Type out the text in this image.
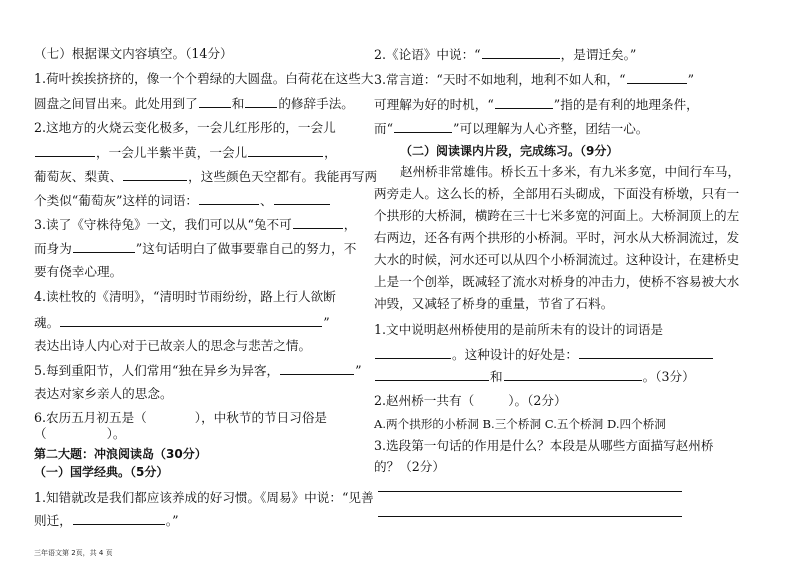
（七）根据课文内容填空。（14分）
1.荷叶挨挨挤挤的，像一个个碧绿的大圆盘。白荷花在这些大
圆盘之间冒出来。此处用到了	和	的修辞手法。
2.这地方的火烧云变化极多，一会儿红彤彤的，一会儿
，一会儿半紫半黄，一会儿	，
葡萄灰、梨黄、	，这些颜色天空都有。我能再写两
个类似“葡萄灰”这样的词语：	、
3.读了《守株待兔》一文，我们可以从“兔不可	，
而身为	”这句话明白了做事要靠自己的努力，不
要有侥幸心理。
4.读杜牧的《清明》，“清明时节雨纷纷，路上行人欲断
魂。	”
表达出诗人内心对于已故亲人的思念与悲苦之情。
5.每到重阳节，人们常用“独在异乡为异客，	”
表达对家乡亲人的思念。
6.农历五月初五是（	），中秋节的节日习俗是
（	）。
第二大题：冲浪阅读岛（30分）
（一）国学经典。（5分）
1.知错就改是我们都应该养成的好习惯。《周易》中说：“见善
则迁，	。”
2.《论语》中说：“	，是谓迁矣。”
3.常言道：“天时不如地利，地利不如人和，“	”
可理解为好的时机，“	”指的是有利的地理条件，
而“	”可以理解为人心齐整，团结一心。
（二）阅读课内片段，完成练习。（9分）
赵州桥非常雄伟。桥长五十多米，有九米多宽，中间行车马，
两旁走人。这么长的桥，全部用石头砌成，下面没有桥墩，只有一
个拱形的大桥洞，横跨在三十七米多宽的河面上。大桥洞顶上的左
右两边，还各有两个拱形的小桥洞。平时，河水从大桥洞流过，发
大水的时候，河水还可以从四个小桥洞流过。这种设计，在建桥史
上是一个创举，既减轻了流水对桥身的冲击力，使桥不容易被大水
冲毁，又减轻了桥身的重量，节省了石料。
1.文中说明赵州桥使用的是前所未有的设计的词语是
。这种设计的好处是：
和	。（3分）
2.赵州桥一共有（	）。（2分）
A.两个拱形的小桥洞 B.三个桥洞 C.五个桥洞 D.四个桥洞
3.选段第一句话的作用是什么？本段是从哪些方面描写赵州桥
的？（2分）
三年语文第 2页，共 4 页
